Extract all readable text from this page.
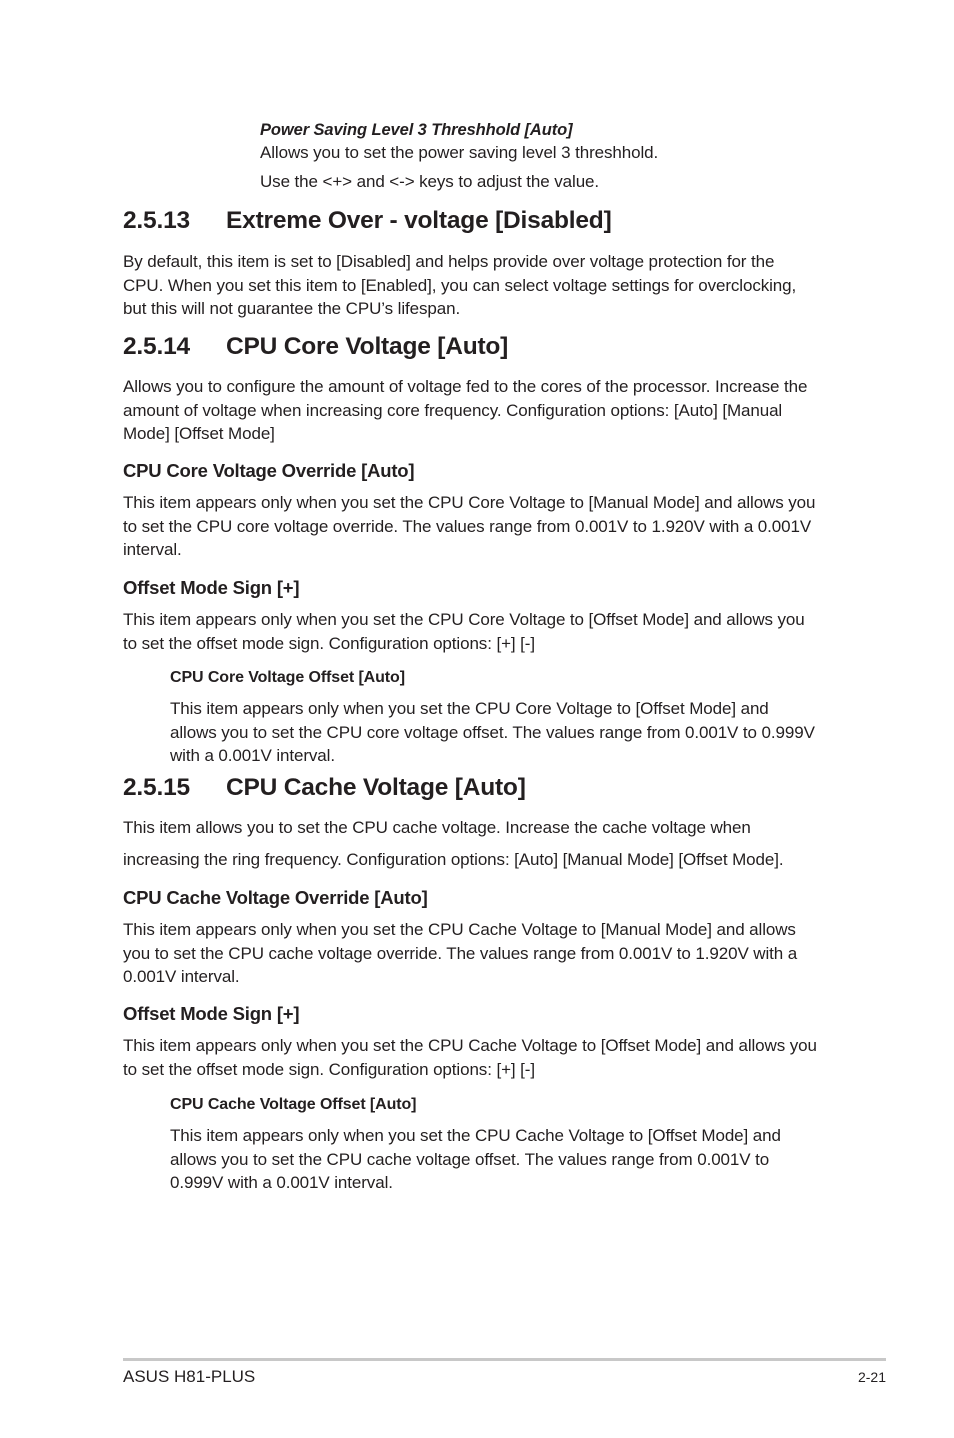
Power Saving Level 3 Threshhold [Auto]
Allows you to set the power saving level 3 threshhold.
Use the <+> and <-> keys to adjust the value.
2.5.13	Extreme Over - voltage [Disabled]
By default, this item is set to [Disabled] and helps provide over voltage protection for the
CPU. When you set this item to [Enabled], you can select voltage settings for overclocking,
but this will not guarantee the CPU’s lifespan.
2.5.14	CPU Core Voltage [Auto]
Allows you to configure the amount of voltage fed to the cores of the processor. Increase the
amount of voltage when increasing core frequency. Configuration options: [Auto] [Manual
Mode] [Offset Mode]
CPU Core Voltage Override [Auto]
This item appears only when you set the CPU Core Voltage to [Manual Mode] and allows you
to set the CPU core voltage override. The values range from 0.001V to 1.920V with a 0.001V
interval.
Offset Mode Sign [+]
This item appears only when you set the CPU Core Voltage to [Offset Mode] and allows you
to set the offset mode sign. Configuration options: [+] [-]
CPU Core Voltage Offset [Auto]
This item appears only when you set the CPU Core Voltage to [Offset Mode] and
allows you to set the CPU core voltage offset. The values range from 0.001V to 0.999V
with a 0.001V interval.
2.5.15	CPU Cache Voltage [Auto]
This item allows you to set the CPU cache voltage. Increase the cache voltage when
increasing the ring frequency. Configuration options: [Auto] [Manual Mode] [Offset Mode].
CPU Cache Voltage Override [Auto]
This item appears only when you set the CPU Cache Voltage to [Manual Mode] and allows
you to set the CPU cache voltage override. The values range from 0.001V to 1.920V with a
0.001V interval.
Offset Mode Sign [+]
This item appears only when you set the CPU Cache Voltage to [Offset Mode] and allows you
to set the offset mode sign. Configuration options: [+] [-]
CPU Cache Voltage Offset [Auto]
This item appears only when you set the CPU Cache Voltage to [Offset Mode] and
allows you to set the CPU cache voltage offset. The values range from 0.001V to
0.999V with a 0.001V interval.
ASUS H81-PLUS	2-21
